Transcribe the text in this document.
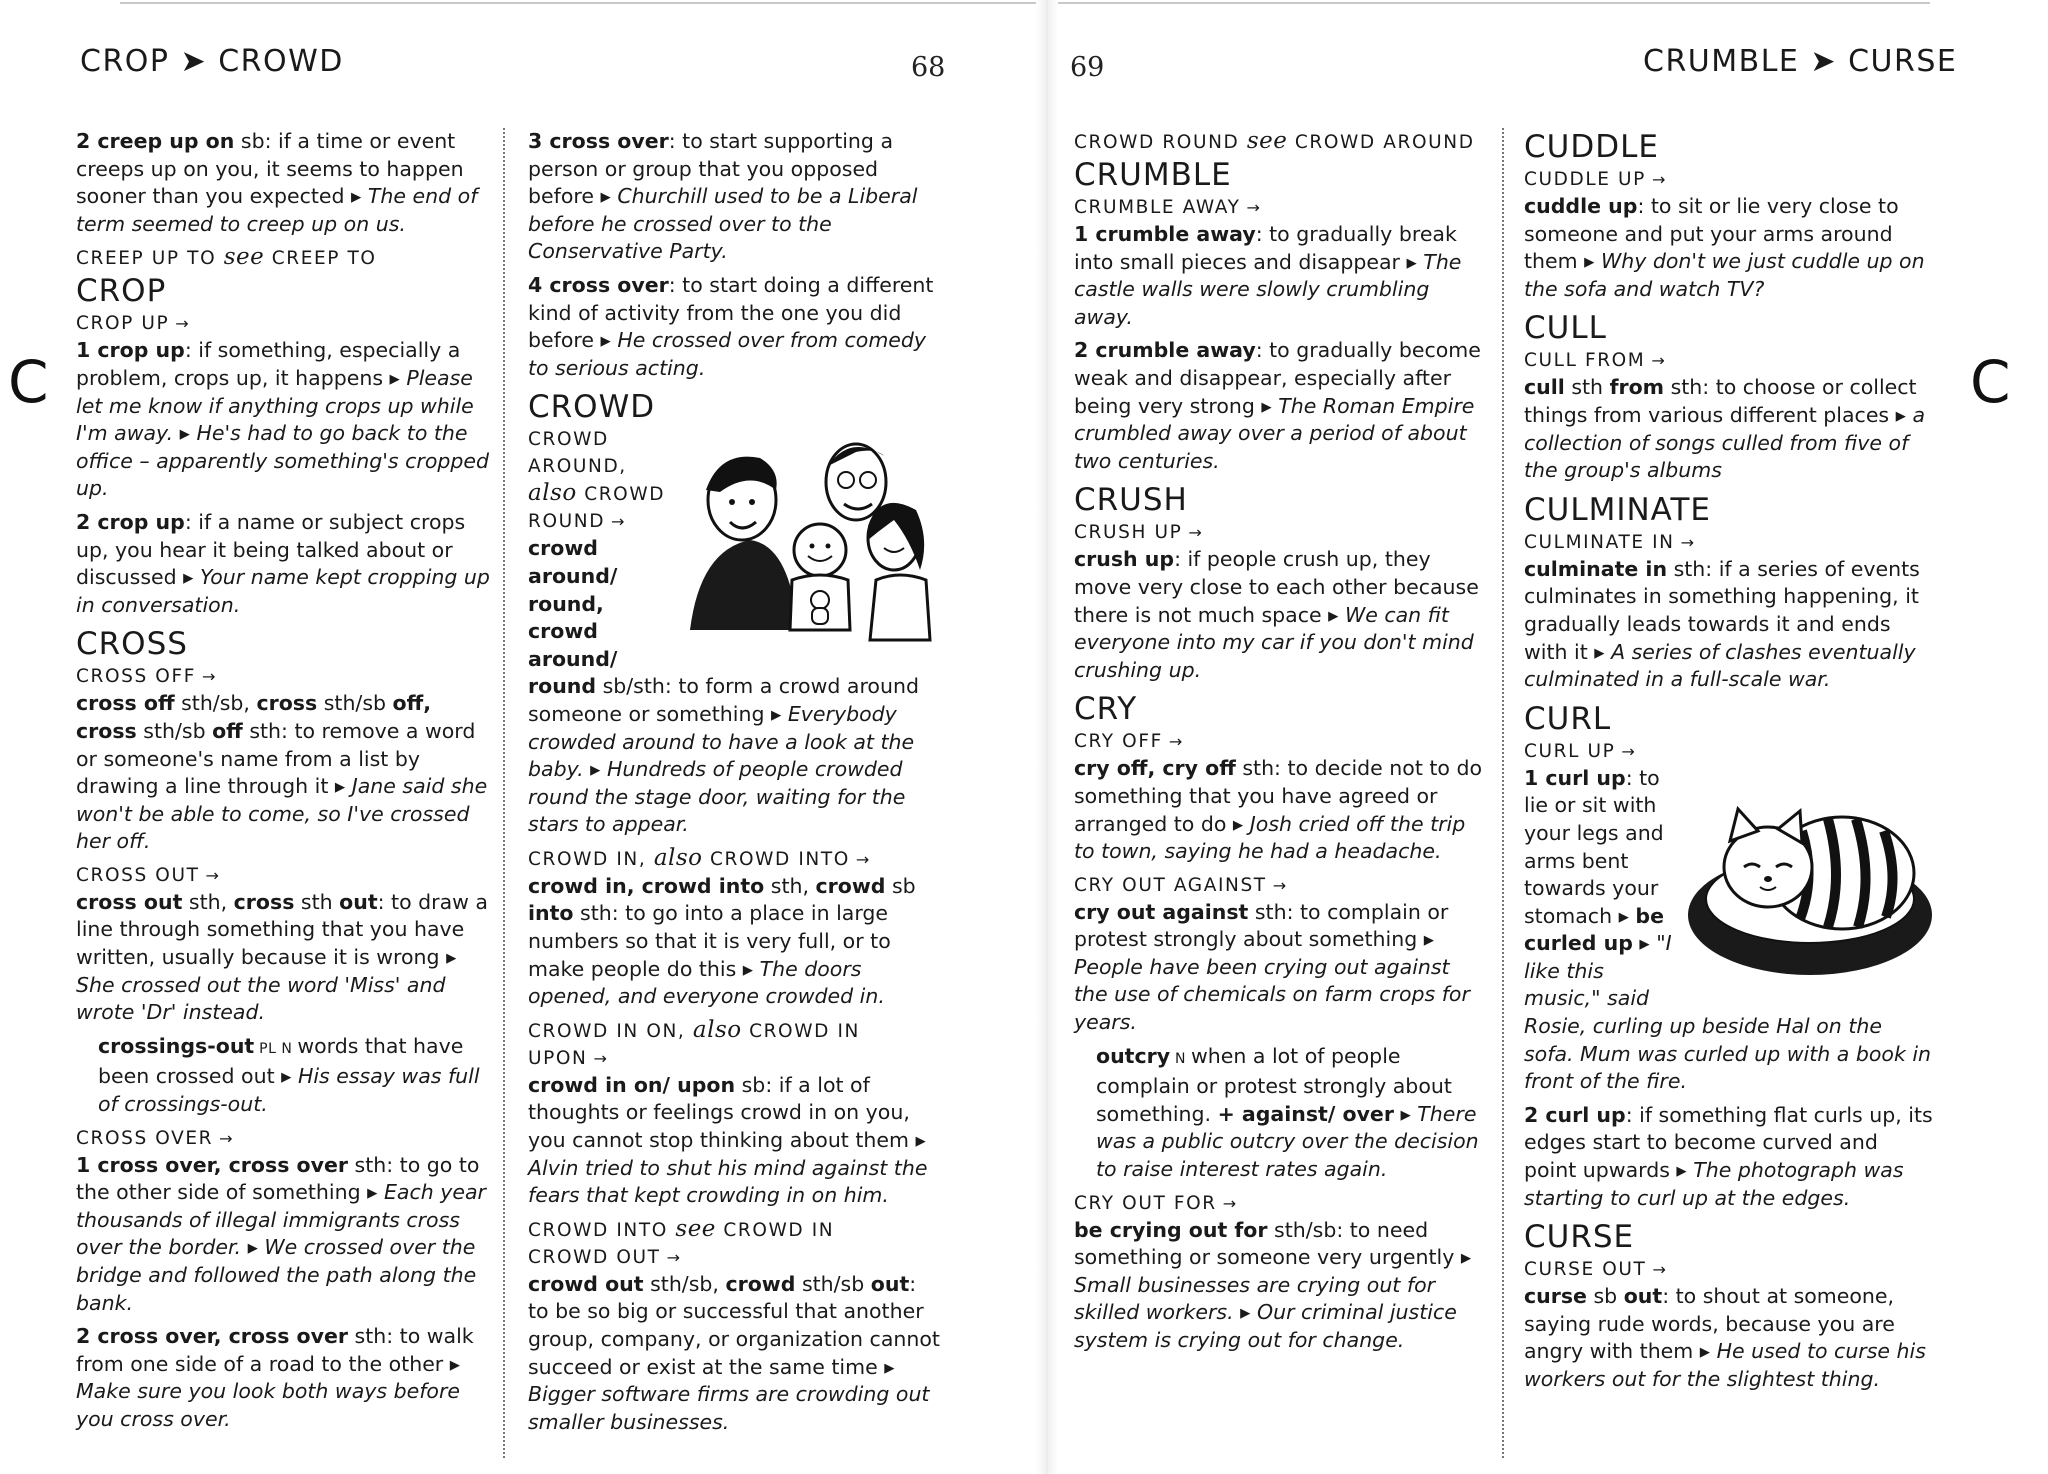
CROP ➤ CROWD	68
C

2 creep up on sb: if a time or event creeps up on you, it seems to happen sooner than you expected ▸ The end of term seemed to creep up on us.

CREEP UP TO see CREEP TO

CROP

CROP UP →

1 crop up: if something, especially a problem, crops up, it happens ▸ Please let me know if anything crops up while I'm away. ▸ He's had to go back to the office – apparently something's cropped up.

2 crop up: if a name or subject crops up, you hear it being talked about or discussed ▸ Your name kept cropping up in conversation.

CROSS

CROSS OFF →

cross off sth/sb, cross sth/sb off, cross sth/sb off sth: to remove a word or someone's name from a list by drawing a line through it ▸ Jane said she won't be able to come, so I've crossed her off.

CROSS OUT →

cross out sth, cross sth out: to draw a line through something that you have written, usually because it is wrong ▸ She crossed out the word 'Miss' and wrote 'Dr' instead.

crossings-out PL N words that have been crossed out ▸ His essay was full of crossings-out.

CROSS OVER →

1 cross over, cross over sth: to go to the other side of something ▸ Each year thousands of illegal immigrants cross over the border. ▸ We crossed over the bridge and followed the path along the bank.

2 cross over, cross over sth: to walk from one side of a road to the other ▸ Make sure you look both ways before you cross over.

3 cross over: to start supporting a person or group that you opposed before ▸ Churchill used to be a Liberal before he crossed over to the Conservative Party.

4 cross over: to start doing a different kind of activity from the one you did before ▸ He crossed over from comedy to serious acting.

CROWD

CROWD AROUND, also CROWD ROUND →

crowd around/ round, crowd around/ round sb/sth: to form a crowd around someone or something ▸ Everybody crowded around to have a look at the baby. ▸ Hundreds of people crowded round the stage door, waiting for the stars to appear.

CROWD IN, also CROWD INTO →

crowd in, crowd into sth, crowd sb into sth: to go into a place in large numbers so that it is very full, or to make people do this ▸ The doors opened, and everyone crowded in.

CROWD IN ON, also CROWD IN UPON →

crowd in on/ upon sb: if a lot of thoughts or feelings crowd in on you, you cannot stop thinking about them ▸ Alvin tried to shut his mind against the fears that kept crowding in on him.

CROWD INTO see CROWD IN

CROWD OUT →

crowd out sth/sb, crowd sth/sb out: to be so big or successful that another group, company, or organization cannot succeed or exist at the same time ▸ Bigger software firms are crowding out smaller businesses.

69	CRUMBLE ➤ CURSE
C

CROWD ROUND see CROWD AROUND

CRUMBLE

CRUMBLE AWAY →

1 crumble away: to gradually break into small pieces and disappear ▸ The castle walls were slowly crumbling away.

2 crumble away: to gradually become weak and disappear, especially after being very strong ▸ The Roman Empire crumbled away over a period of about two centuries.

CRUSH

CRUSH UP →

crush up: if people crush up, they move very close to each other because there is not much space ▸ We can fit everyone into my car if you don't mind crushing up.

CRY

CRY OFF →

cry off, cry off sth: to decide not to do something that you have agreed or arranged to do ▸ Josh cried off the trip to town, saying he had a headache.

CRY OUT AGAINST →

cry out against sth: to complain or protest strongly about something ▸ People have been crying out against the use of chemicals on farm crops for years.

outcry N when a lot of people complain or protest strongly about something. + against/ over ▸ There was a public outcry over the decision to raise interest rates again.

CRY OUT FOR →

be crying out for sth/sb: to need something or someone very urgently ▸ Small businesses are crying out for skilled workers. ▸ Our criminal justice system is crying out for change.

CUDDLE

CUDDLE UP →

cuddle up: to sit or lie very close to someone and put your arms around them ▸ Why don't we just cuddle up on the sofa and watch TV?

CULL

CULL FROM →

cull sth from sth: to choose or collect things from various different places ▸ a collection of songs culled from five of the group's albums

CULMINATE

CULMINATE IN →

culminate in sth: if a series of events culminates in something happening, it gradually leads towards it and ends with it ▸ A series of clashes eventually culminated in a full-scale war.

CURL

CURL UP →

1 curl up: to lie or sit with your legs and arms bent towards your stomach ▸ be curled up ▸ "I like this music," said Rosie, curling up beside Hal on the sofa. Mum was curled up with a book in front of the fire.

2 curl up: if something flat curls up, its edges start to become curved and point upwards ▸ The photograph was starting to curl up at the edges.

CURSE

CURSE OUT →

curse sb out: to shout at someone, saying rude words, because you are angry with them ▸ He used to curse his workers out for the slightest thing.
